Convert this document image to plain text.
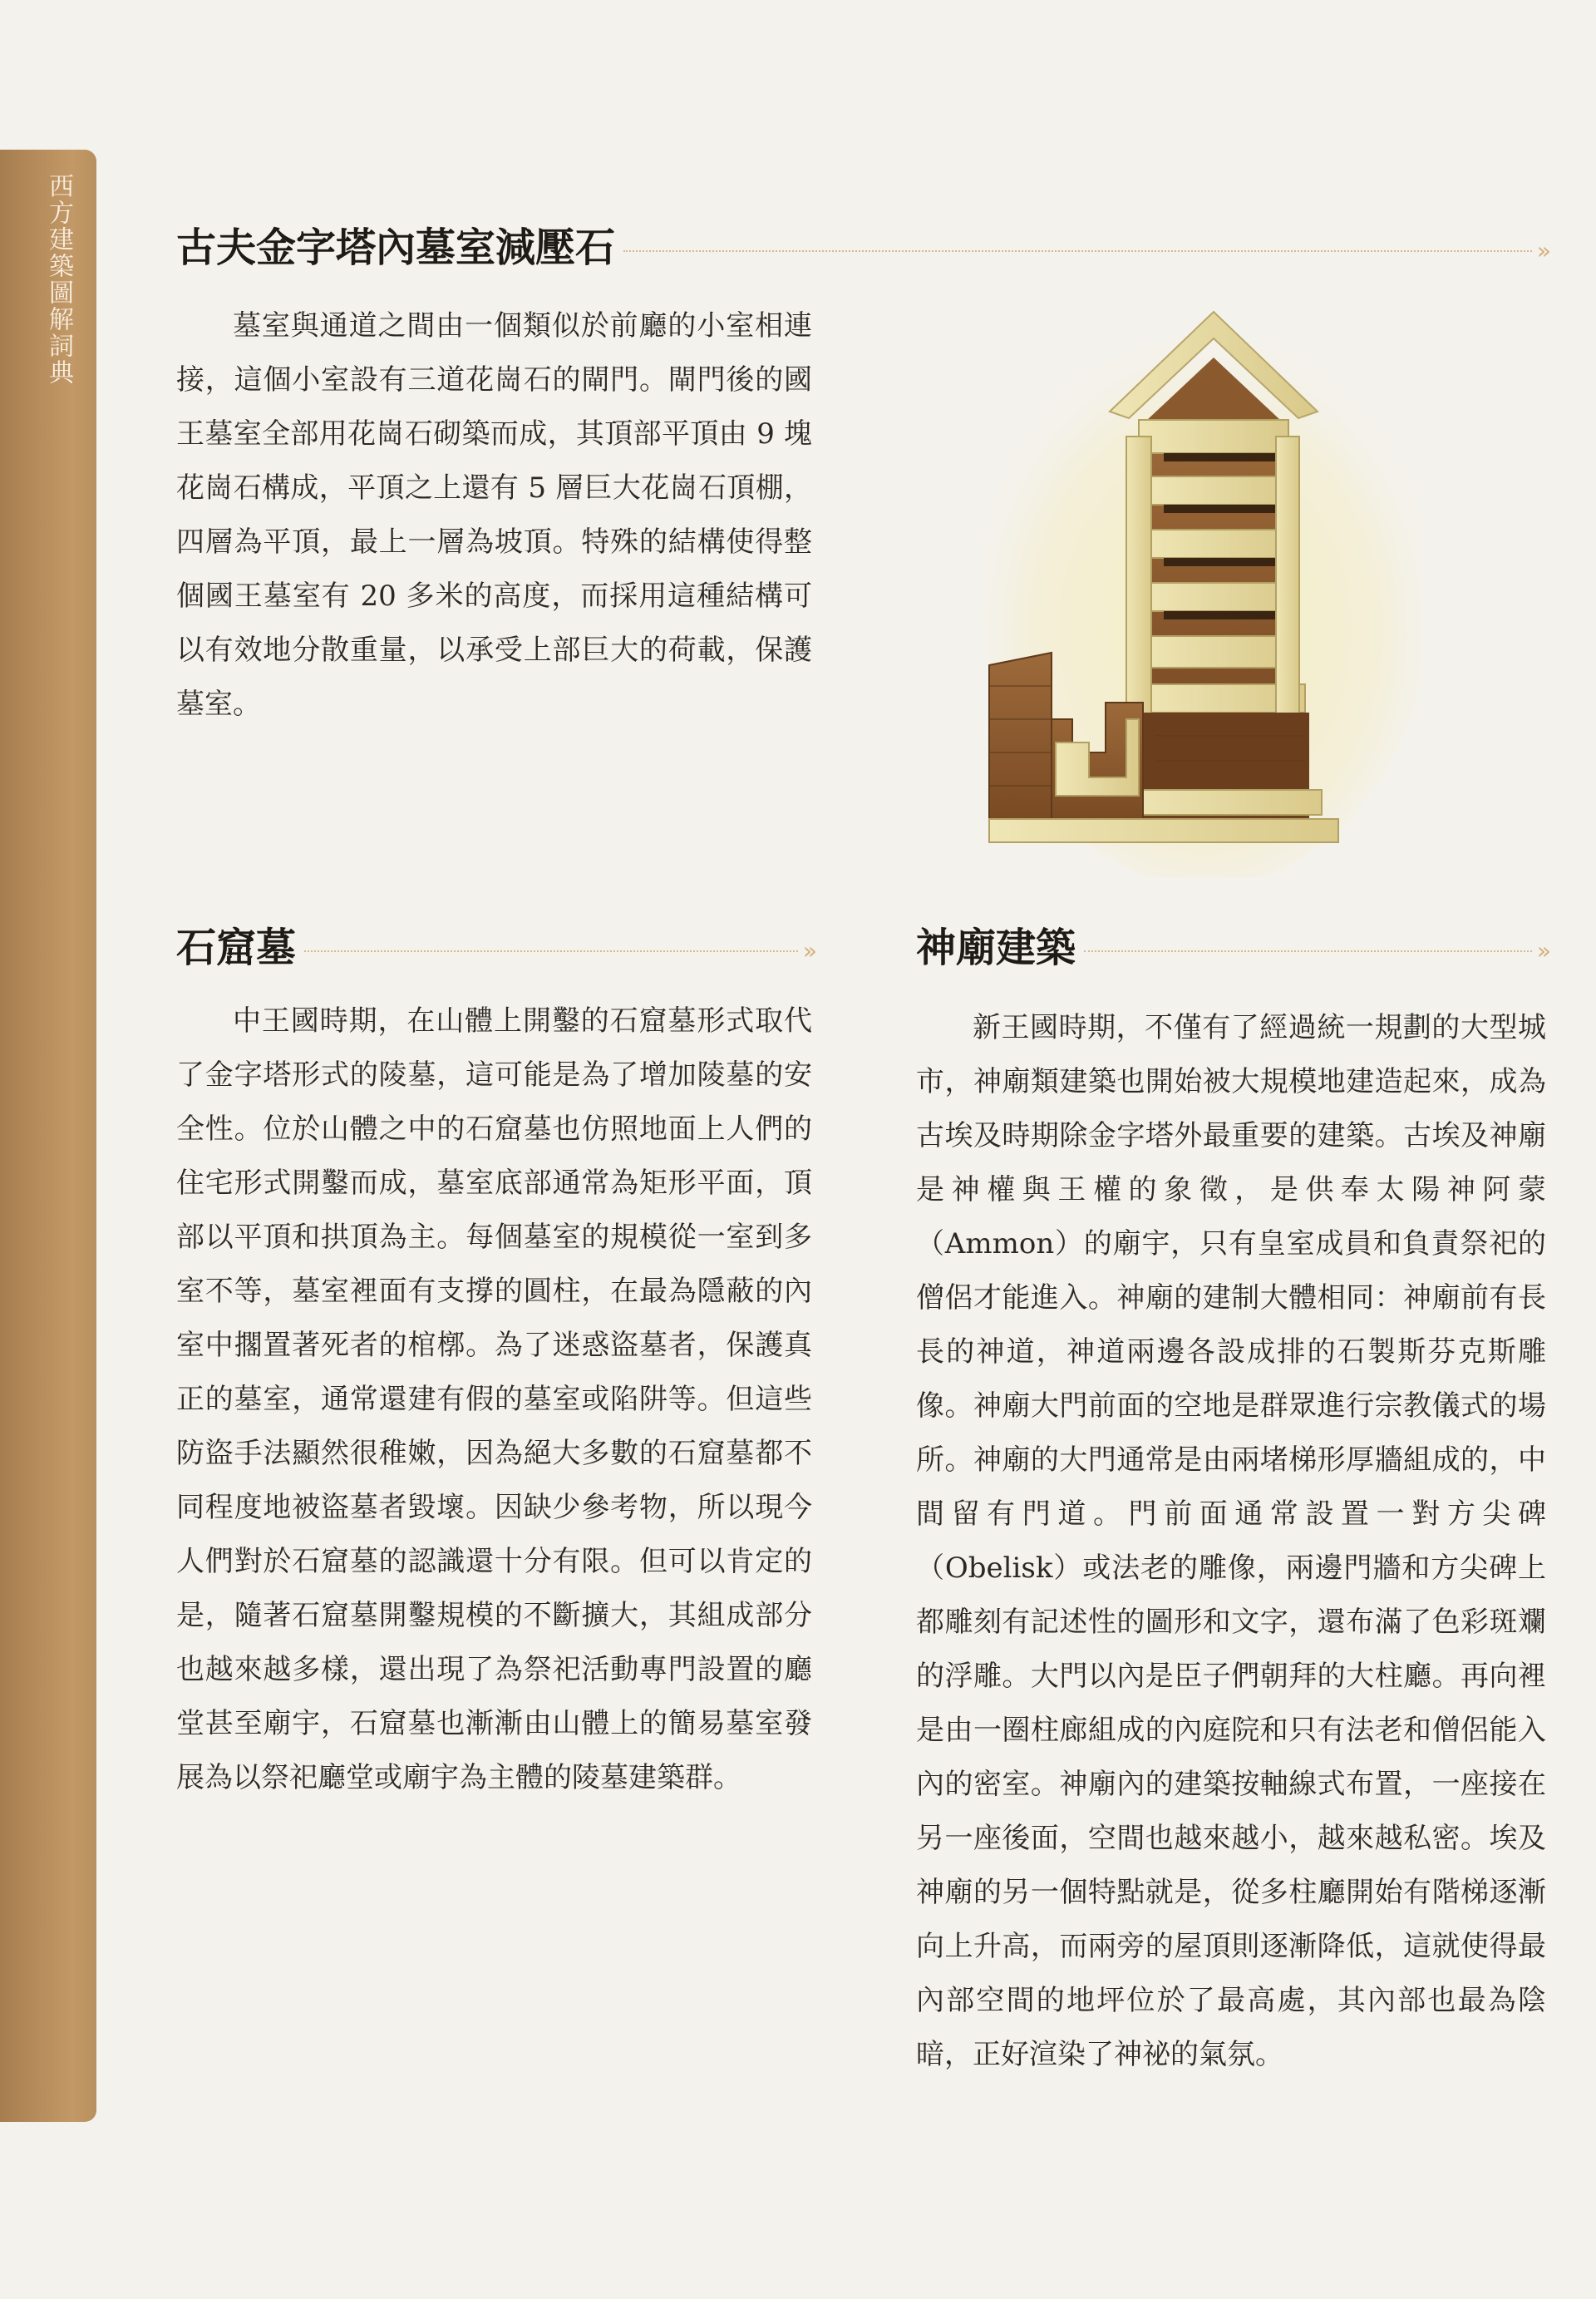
西方建築圖解詞典	古夫金字塔內墓室減壓石	»

墓室與通道之間由一個類似於前廳的小室相連接，這個小室設有三道花崗石的閘門。閘門後的國王墓室全部用花崗石砌築而成，其頂部平頂由 9 塊花崗石構成，平頂之上還有 5 層巨大花崗石頂棚，四層為平頂，最上一層為坡頂。特殊的結構使得整個國王墓室有 20 多米的高度，而採用這種結構可以有效地分散重量，以承受上部巨大的荷載，保護墓室。

石窟墓	»

中王國時期，在山體上開鑿的石窟墓形式取代了金字塔形式的陵墓，這可能是為了增加陵墓的安全性。位於山體之中的石窟墓也仿照地面上人們的住宅形式開鑿而成，墓室底部通常為矩形平面，頂部以平頂和拱頂為主。每個墓室的規模從一室到多室不等，墓室裡面有支撐的圓柱，在最為隱蔽的內室中擱置著死者的棺槨。為了迷惑盜墓者，保護真正的墓室，通常還建有假的墓室或陷阱等。但這些防盜手法顯然很稚嫩，因為絕大多數的石窟墓都不同程度地被盜墓者毀壞。因缺少參考物，所以現今人們對於石窟墓的認識還十分有限。但可以肯定的是，隨著石窟墓開鑿規模的不斷擴大，其組成部分也越來越多樣，還出現了為祭祀活動專門設置的廳堂甚至廟宇，石窟墓也漸漸由山體上的簡易墓室發展為以祭祀廳堂或廟宇為主體的陵墓建築群。

神廟建築	»

新王國時期，不僅有了經過統一規劃的大型城市，神廟類建築也開始被大規模地建造起來，成為古埃及時期除金字塔外最重要的建築。古埃及神廟是神權與王權的象徵，是供奉太陽神阿蒙（Ammon）的廟宇，只有皇室成員和負責祭祀的僧侶才能進入。神廟的建制大體相同：神廟前有長長的神道，神道兩邊各設成排的石製斯芬克斯雕像。神廟大門前面的空地是群眾進行宗教儀式的場所。神廟的大門通常是由兩堵梯形厚牆組成的，中間留有門道。門前面通常設置一對方尖碑（Obelisk）或法老的雕像，兩邊門牆和方尖碑上都雕刻有記述性的圖形和文字，還布滿了色彩斑斕的浮雕。大門以內是臣子們朝拜的大柱廳。再向裡是由一圈柱廊組成的內庭院和只有法老和僧侶能入內的密室。神廟內的建築按軸線式布置，一座接在另一座後面，空間也越來越小，越來越私密。埃及神廟的另一個特點就是，從多柱廳開始有階梯逐漸向上升高，而兩旁的屋頂則逐漸降低，這就使得最內部空間的地坪位於了最高處，其內部也最為陰暗，正好渲染了神祕的氣氛。
